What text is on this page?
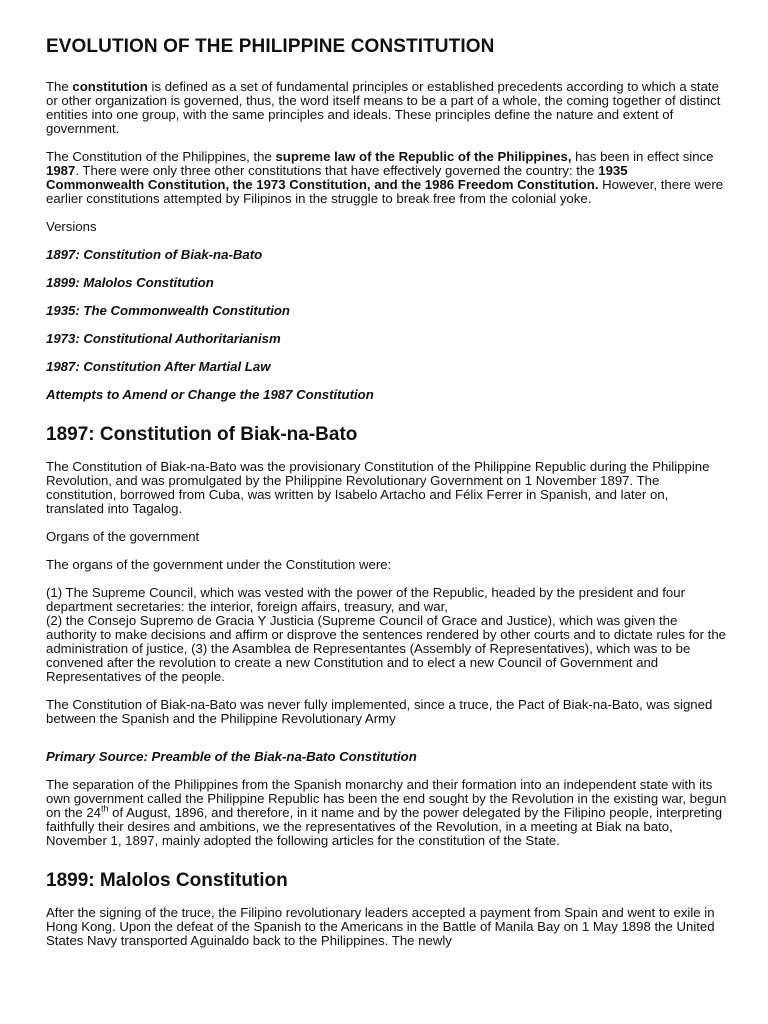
EVOLUTION OF THE PHILIPPINE CONSTITUTION

The constitution is defined as a set of fundamental principles or established precedents according to which a state or other organization is governed, thus, the word itself means to be a part of a whole, the coming together of distinct entities into one group, with the same principles and ideals. These principles define the nature and extent of government.

The Constitution of the Philippines, the supreme law of the Republic of the Philippines, has been in effect since 1987. There were only three other constitutions that have effectively governed the country: the 1935 Commonwealth Constitution, the 1973 Constitution, and the 1986 Freedom Constitution. However, there were earlier constitutions attempted by Filipinos in the struggle to break free from the colonial yoke.

Versions

1897: Constitution of Biak-na-Bato
1899: Malolos Constitution
1935: The Commonwealth Constitution
1973: Constitutional Authoritarianism
1987: Constitution After Martial Law
Attempts to Amend or Change the 1987 Constitution
1897: Constitution of Biak-na-Bato

The Constitution of Biak-na-Bato was the provisionary Constitution of the Philippine Republic during the Philippine Revolution, and was promulgated by the Philippine Revolutionary Government on 1 November 1897. The constitution, borrowed from Cuba, was written by Isabelo Artacho and Félix Ferrer in Spanish, and later on, translated into Tagalog.

Organs of the government

The organs of the government under the Constitution were:

(1) The Supreme Council, which was vested with the power of the Republic, headed by the president and four department secretaries: the interior, foreign affairs, treasury, and war,

(2) the Consejo Supremo de Gracia Y Justicia (Supreme Council of Grace and Justice), which was given the authority to make decisions and affirm or disprove the sentences rendered by other courts and to dictate rules for the administration of justice, (3) the Asamblea de Representantes (Assembly of Representatives), which was to be convened after the revolution to create a new Constitution and to elect a new Council of Government and Representatives of the people.

The Constitution of Biak-na-Bato was never fully implemented, since a truce, the Pact of Biak-na-Bato, was signed between the Spanish and the Philippine Revolutionary Army

Primary Source: Preamble of the Biak-na-Bato Constitution

The separation of the Philippines from the Spanish monarchy and their formation into an independent state with its own government called the Philippine Republic has been the end sought by the Revolution in the existing war, begun on the 24th of August, 1896, and therefore, in it name and by the power delegated by the Filipino people, interpreting faithfully their desires and ambitions, we the representatives of the Revolution, in a meeting at Biak na bato, November 1, 1897, mainly adopted the following articles for the constitution of the State.

1899: Malolos Constitution

After the signing of the truce, the Filipino revolutionary leaders accepted a payment from Spain and went to exile in Hong Kong. Upon the defeat of the Spanish to the Americans in the Battle of Manila Bay on 1 May 1898 the United States Navy transported Aguinaldo back to the Philippines. The newly
